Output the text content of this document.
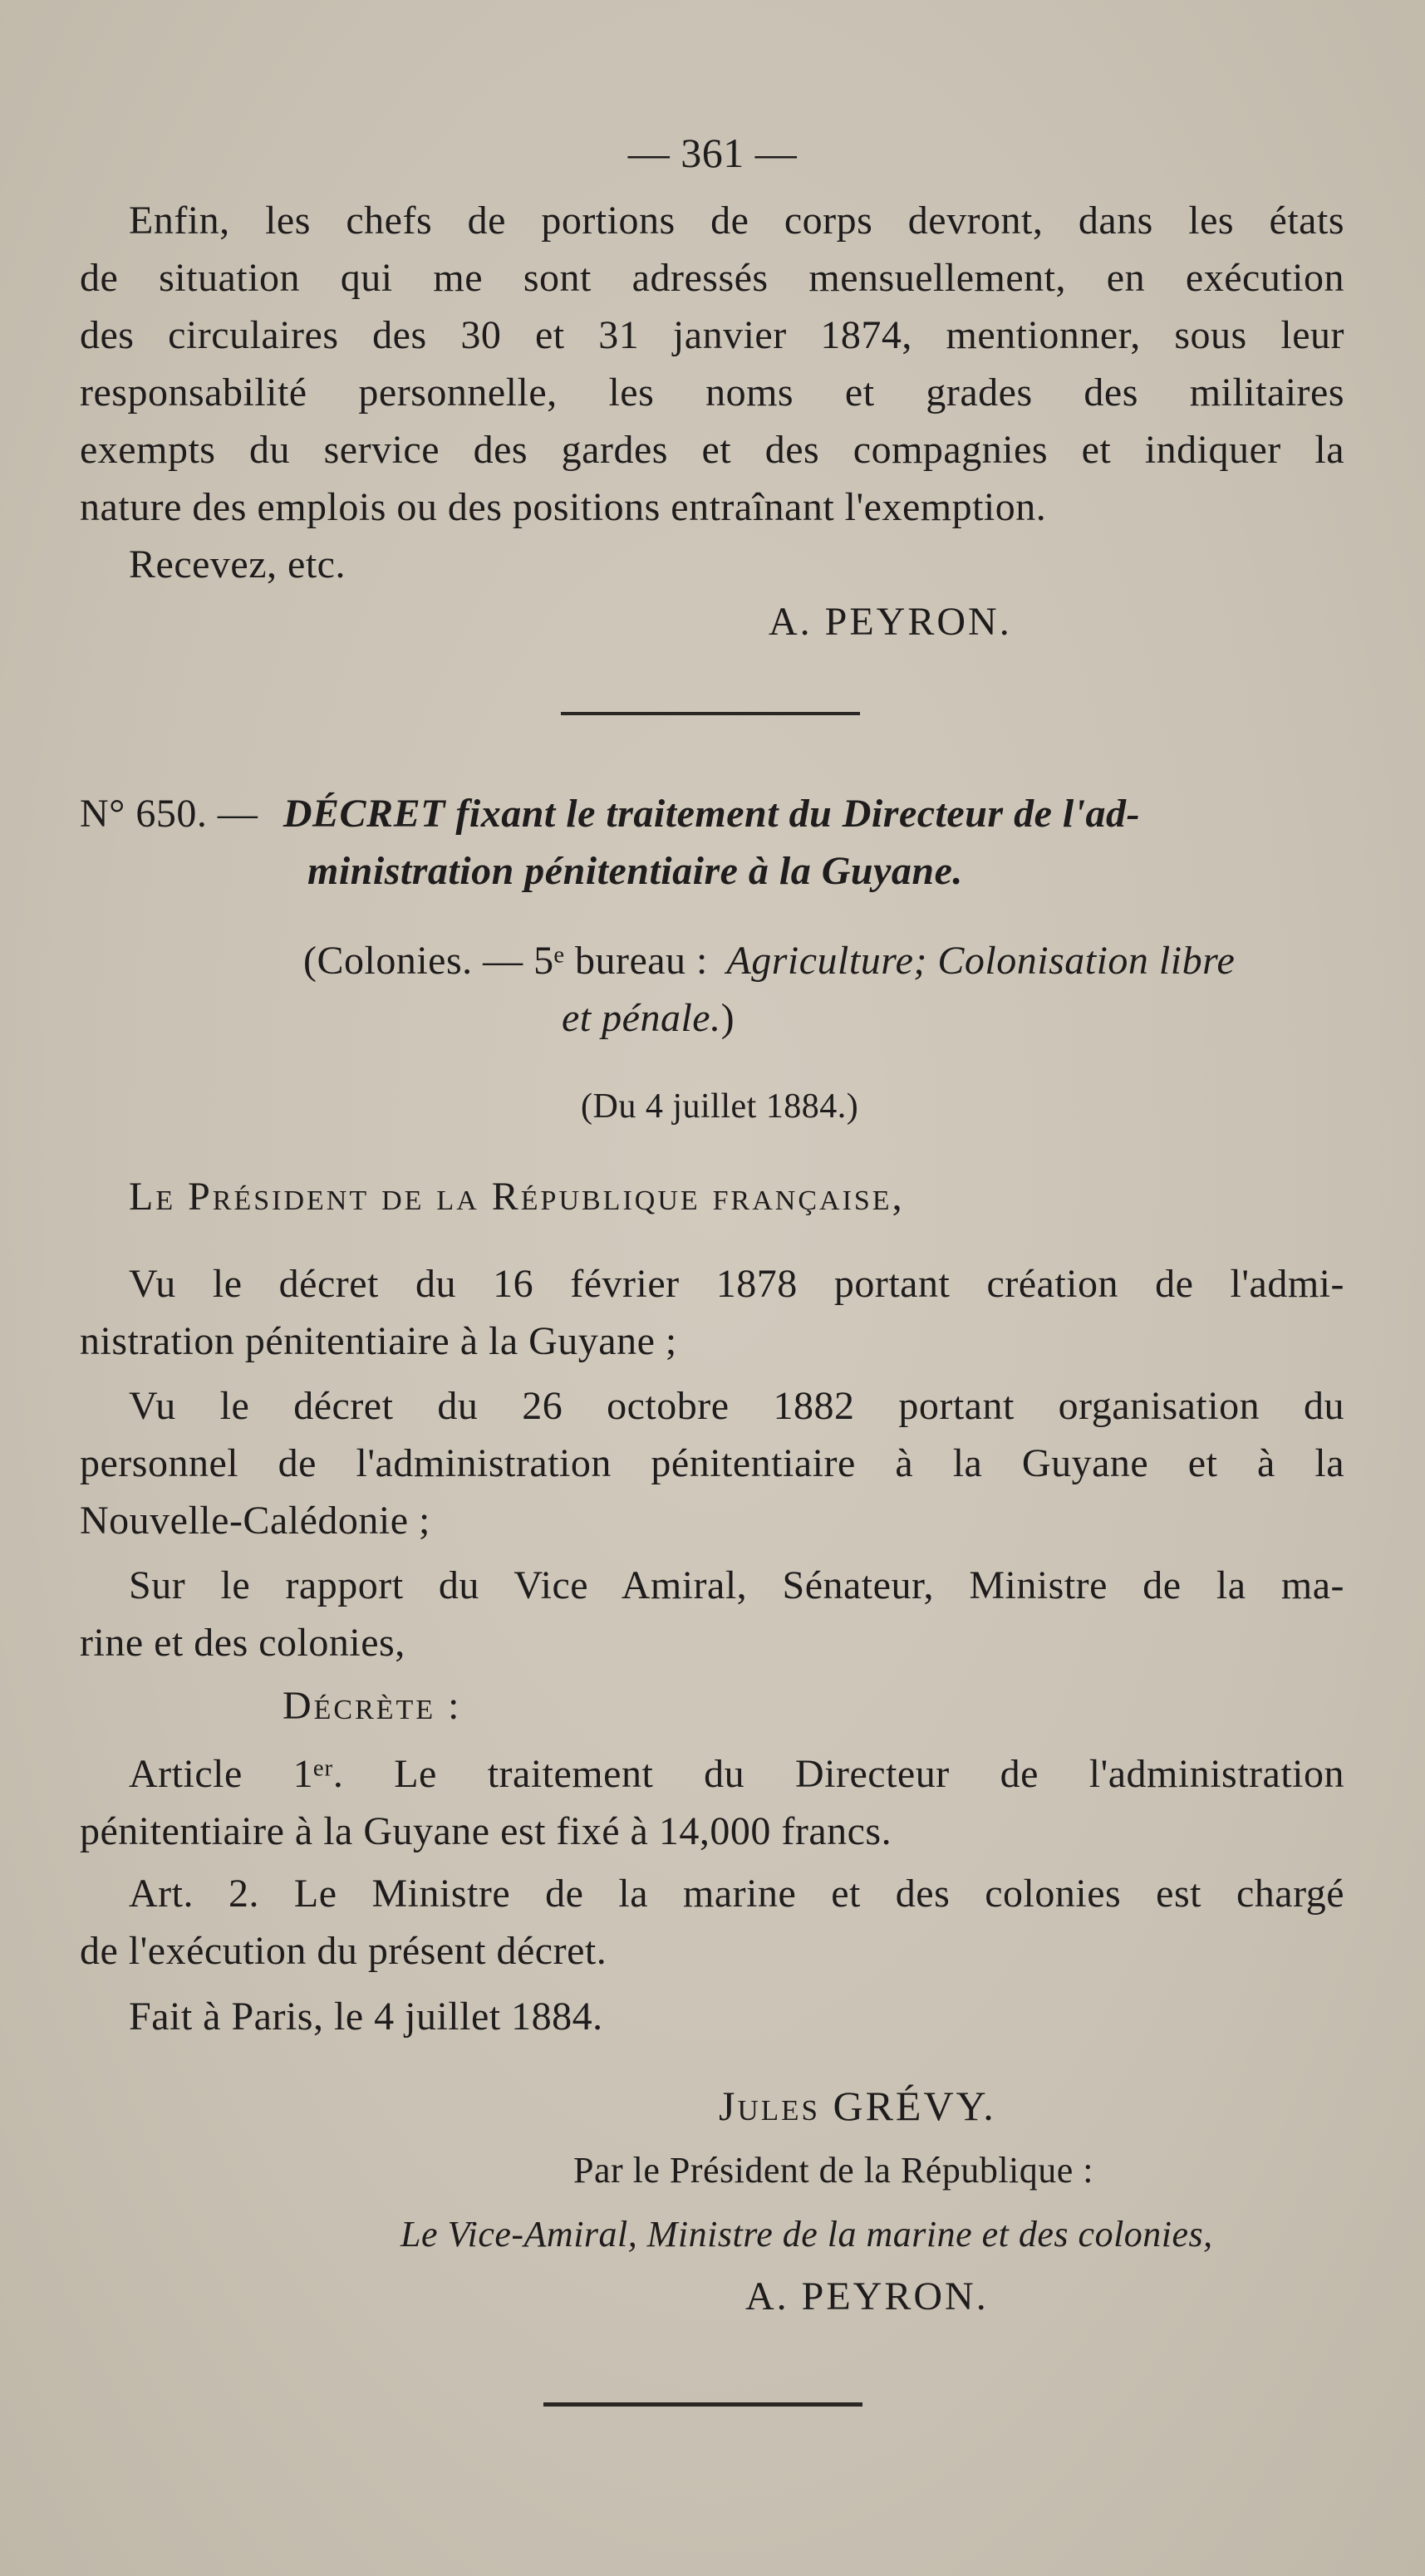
— 361 —
Enfin, les chefs de portions de corps devront, dans les états
de situation qui me sont adressés mensuellement, en exécution
des circulaires des 30 et 31 janvier 1874, mentionner, sous leur
responsabilité personnelle, les noms et grades des militaires
exempts du service des gardes et des compagnies et indiquer la
nature des emplois ou des positions entraînant l'exemption.
Recevez, etc.
A. PEYRON.
N° 650. — DÉCRET fixant le traitement du Directeur de l'ad-
ministration pénitentiaire à la Guyane.
(Colonies. — 5ᵉ bureau : Agriculture; Colonisation libre
et pénale.)
(Du 4 juillet 1884.)
Le Président de la République française,
Vu le décret du 16 février 1878 portant création de l'admi-
nistration pénitentiaire à la Guyane ;
Vu le décret du 26 octobre 1882 portant organisation du
personnel de l'administration pénitentiaire à la Guyane et à la
Nouvelle-Calédonie ;
Sur le rapport du Vice Amiral, Sénateur, Ministre de la ma-
rine et des colonies,
Décrète :
Article 1ᵉʳ. Le traitement du Directeur de l'administration
pénitentiaire à la Guyane est fixé à 14,000 francs.
Art. 2. Le Ministre de la marine et des colonies est chargé
de l'exécution du présent décret.
Fait à Paris, le 4 juillet 1884.
Jules GRÉVY.
Par le Président de la République :
Le Vice-Amiral, Ministre de la marine et des colonies,
A. PEYRON.
